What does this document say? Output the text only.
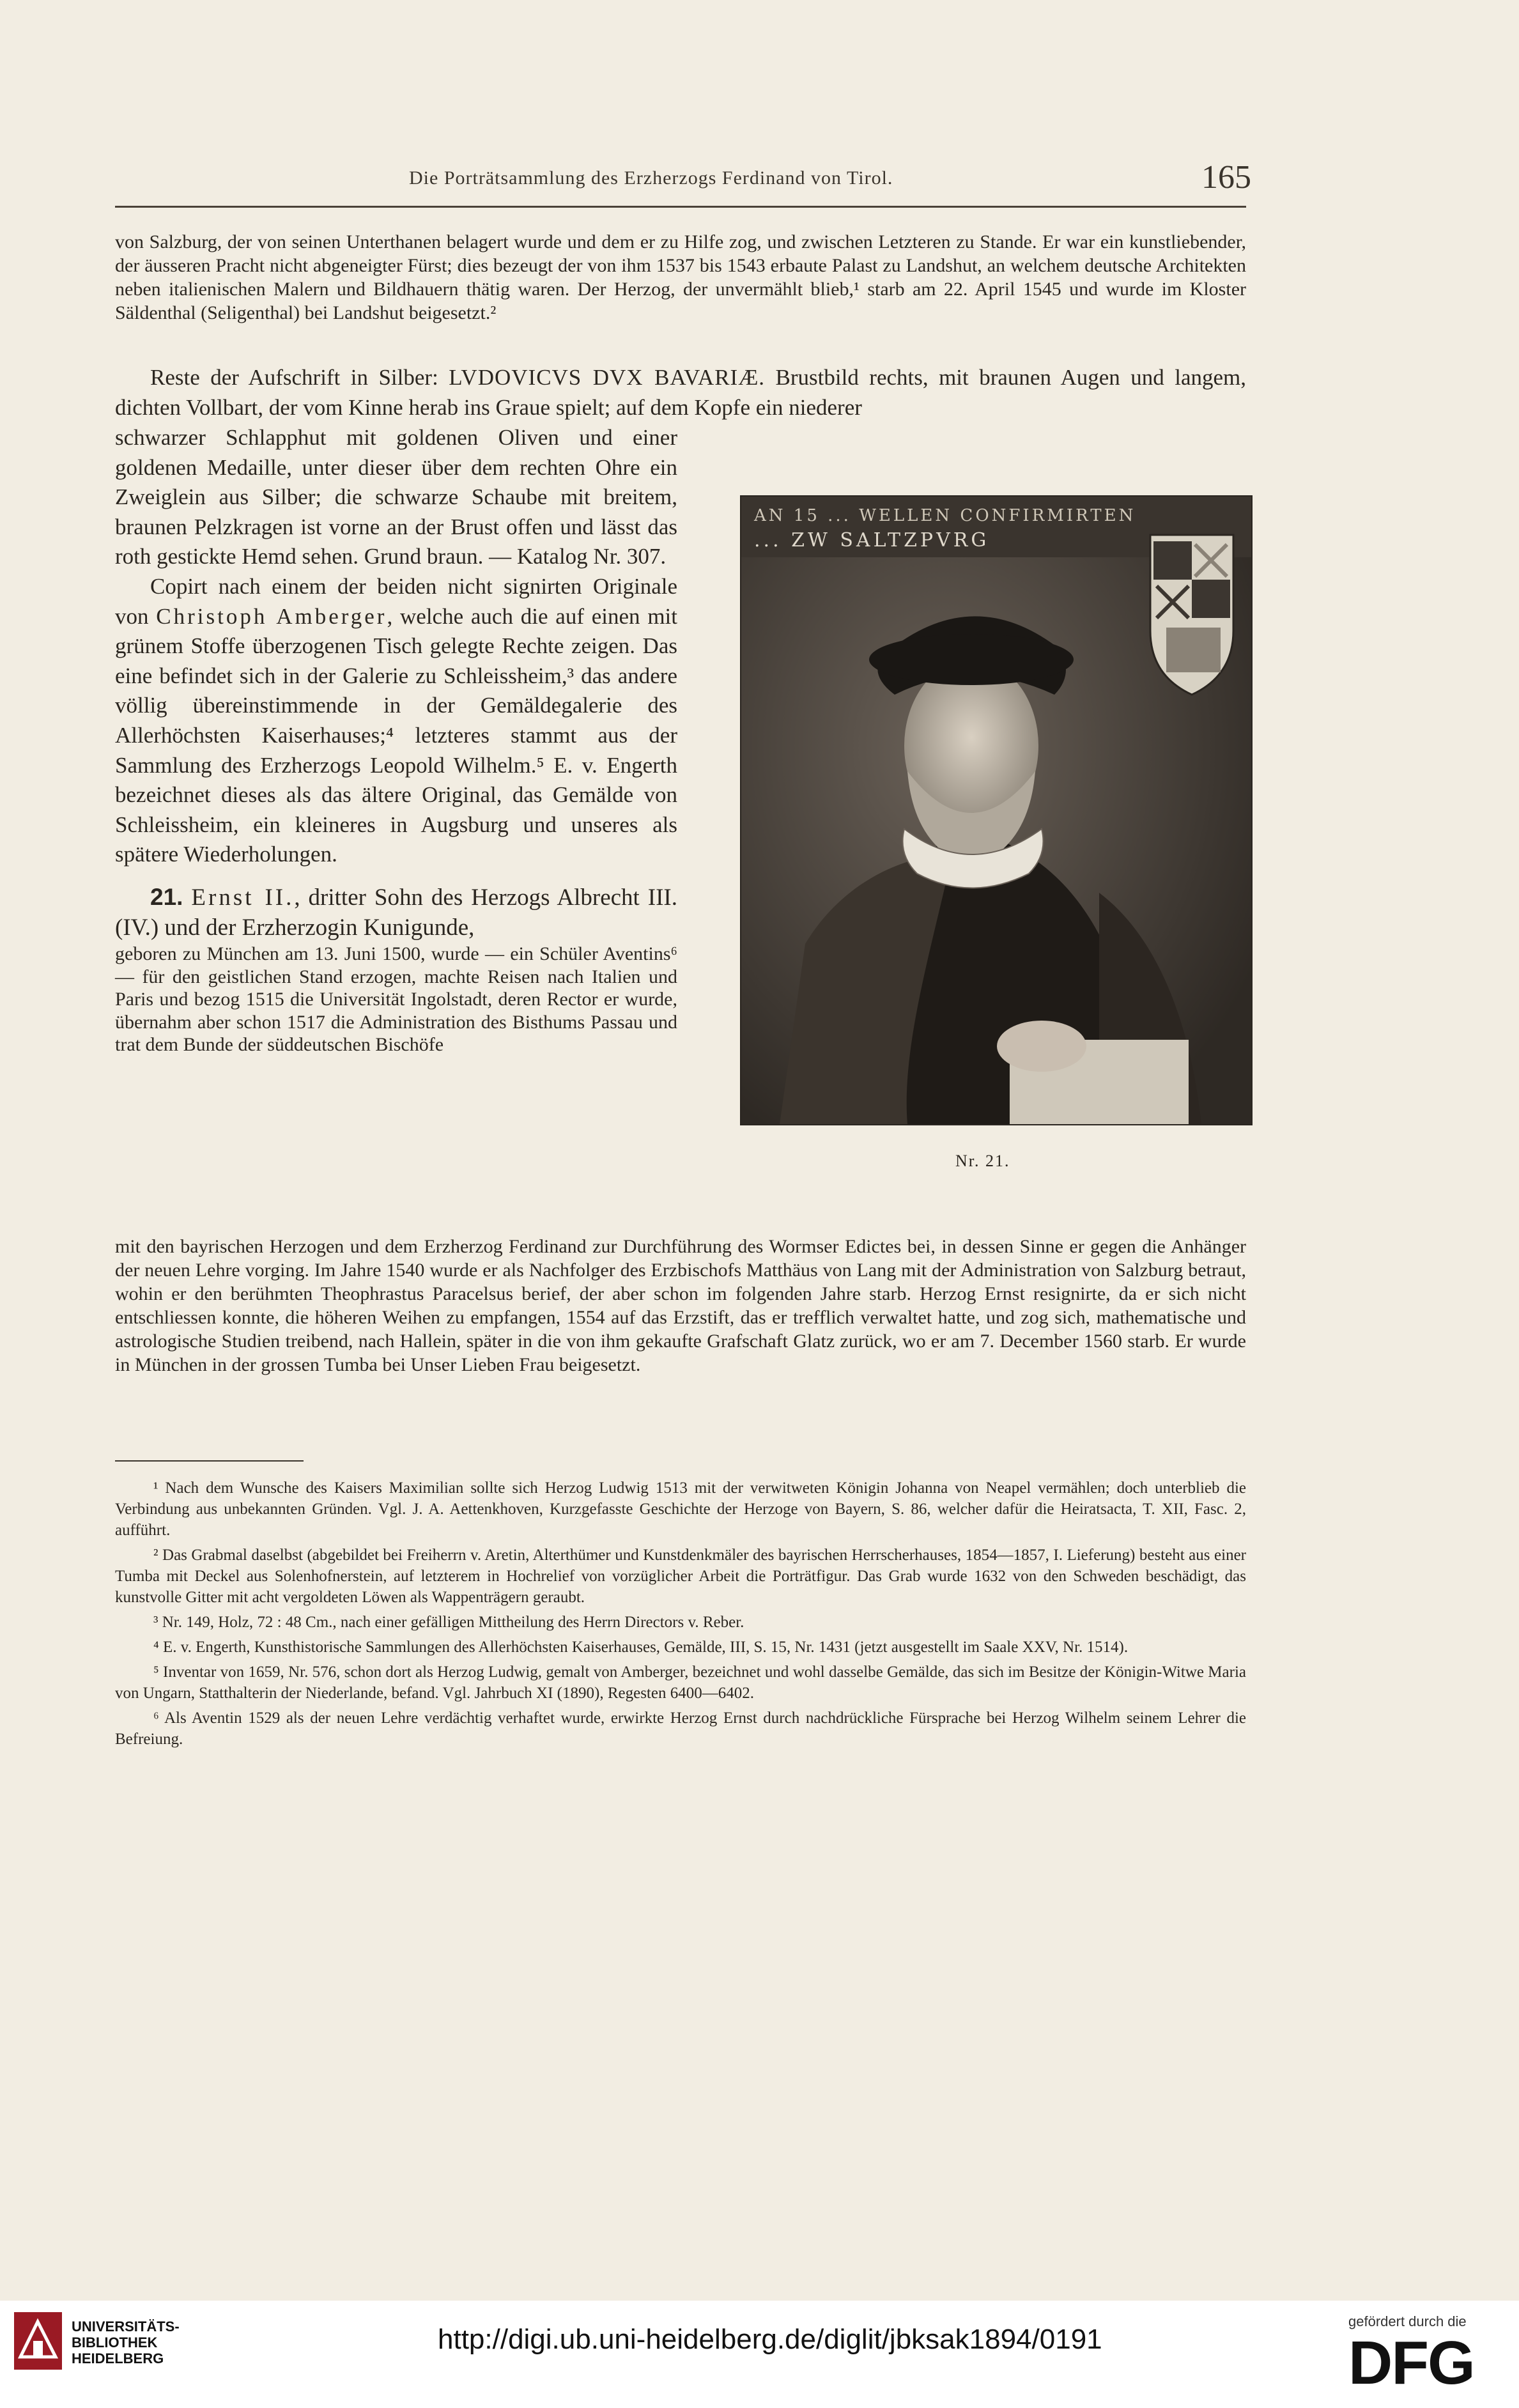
Die Porträtsammlung des Erzherzogs Ferdinand von Tirol.	165
von Salzburg, der von seinen Unterthanen belagert wurde und dem er zu Hilfe zog, und zwischen Letzteren zu Stande. Er war ein kunstliebender, der äusseren Pracht nicht abgeneigter Fürst; dies bezeugt der von ihm 1537 bis 1543 erbaute Palast zu Landshut, an welchem deutsche Architekten neben italienischen Malern und Bildhauern thätig waren. Der Herzog, der unvermählt blieb,¹ starb am 22. April 1545 und wurde im Kloster Säldenthal (Seligenthal) bei Landshut beigesetzt.²
Reste der Aufschrift in Silber: LVDOVICVS DVX BAVARIÆ. Brustbild rechts, mit braunen Augen und langem, dichten Vollbart, der vom Kinne herab ins Graue spielt; auf dem Kopfe ein niederer
schwarzer Schlapphut mit goldenen Oliven und einer goldenen Medaille, unter dieser über dem rechten Ohre ein Zweiglein aus Silber; die schwarze Schaube mit breitem, braunen Pelzkragen ist vorne an der Brust offen und lässt das roth gestickte Hemd sehen. Grund braun. — Katalog Nr. 307.
Copirt nach einem der beiden nicht signirten Originale von Christoph Amberger, welche auch die auf einen mit grünem Stoffe überzogenen Tisch gelegte Rechte zeigen. Das eine befindet sich in der Galerie zu Schleissheim,³ das andere völlig übereinstimmende in der Gemäldegalerie des Allerhöchsten Kaiserhauses;⁴ letzteres stammt aus der Sammlung des Erzherzogs Leopold Wilhelm.⁵ E. v. Engerth bezeichnet dieses als das ältere Original, das Gemälde von Schleissheim, ein kleineres in Augsburg und unseres als spätere Wiederholungen.
21. Ernst II., dritter Sohn des Herzogs Albrecht III. (IV.) und der Erzherzogin Kunigunde,
geboren zu München am 13. Juni 1500, wurde — ein Schüler Aventins⁶ — für den geistlichen Stand erzogen, machte Reisen nach Italien und Paris und bezog 1515 die Universität Ingolstadt, deren Rector er wurde, übernahm aber schon 1517 die Administration des Bisthums Passau und trat dem Bunde der süddeutschen Bischöfe
AN 15 ... WELLEN CONFIRMIRTEN
... ZW SALTZPVRG
Nr. 21.
mit den bayrischen Herzogen und dem Erzherzog Ferdinand zur Durchführung des Wormser Edictes bei, in dessen Sinne er gegen die Anhänger der neuen Lehre vorging. Im Jahre 1540 wurde er als Nachfolger des Erzbischofs Matthäus von Lang mit der Administration von Salzburg betraut, wohin er den berühmten Theophrastus Paracelsus berief, der aber schon im folgenden Jahre starb. Herzog Ernst resignirte, da er sich nicht entschliessen konnte, die höheren Weihen zu empfangen, 1554 auf das Erzstift, das er trefflich verwaltet hatte, und zog sich, mathematische und astrologische Studien treibend, nach Hallein, später in die von ihm gekaufte Grafschaft Glatz zurück, wo er am 7. December 1560 starb. Er wurde in München in der grossen Tumba bei Unser Lieben Frau beigesetzt.

¹ Nach dem Wunsche des Kaisers Maximilian sollte sich Herzog Ludwig 1513 mit der verwitweten Königin Johanna von Neapel vermählen; doch unterblieb die Verbindung aus unbekannten Gründen. Vgl. J. A. Aettenkhoven, Kurzgefasste Geschichte der Herzoge von Bayern, S. 86, welcher dafür die Heiratsacta, T. XII, Fasc. 2, aufführt.

² Das Grabmal daselbst (abgebildet bei Freiherrn v. Aretin, Alterthümer und Kunstdenkmäler des bayrischen Herrscherhauses, 1854—1857, I. Lieferung) besteht aus einer Tumba mit Deckel aus Solenhofnerstein, auf letzterem in Hochrelief von vorzüglicher Arbeit die Porträtfigur. Das Grab wurde 1632 von den Schweden beschädigt, das kunstvolle Gitter mit acht vergoldeten Löwen als Wappenträgern geraubt.

³ Nr. 149, Holz, 72 : 48 Cm., nach einer gefälligen Mittheilung des Herrn Directors v. Reber.

⁴ E. v. Engerth, Kunsthistorische Sammlungen des Allerhöchsten Kaiserhauses, Gemälde, III, S. 15, Nr. 1431 (jetzt ausgestellt im Saale XXV, Nr. 1514).

⁵ Inventar von 1659, Nr. 576, schon dort als Herzog Ludwig, gemalt von Amberger, bezeichnet und wohl dasselbe Gemälde, das sich im Besitze der Königin-Witwe Maria von Ungarn, Statthalterin der Niederlande, befand. Vgl. Jahrbuch XI (1890), Regesten 6400—6402.

⁶ Als Aventin 1529 als der neuen Lehre verdächtig verhaftet wurde, erwirkte Herzog Ernst durch nachdrückliche Fürsprache bei Herzog Wilhelm seinem Lehrer die Befreiung.

UNIVERSITÄTS-
BIBLIOTHEK
HEIDELBERG
http://digi.ub.uni-heidelberg.de/diglit/jbksak1894/0191
gefördert durch die
DFG
